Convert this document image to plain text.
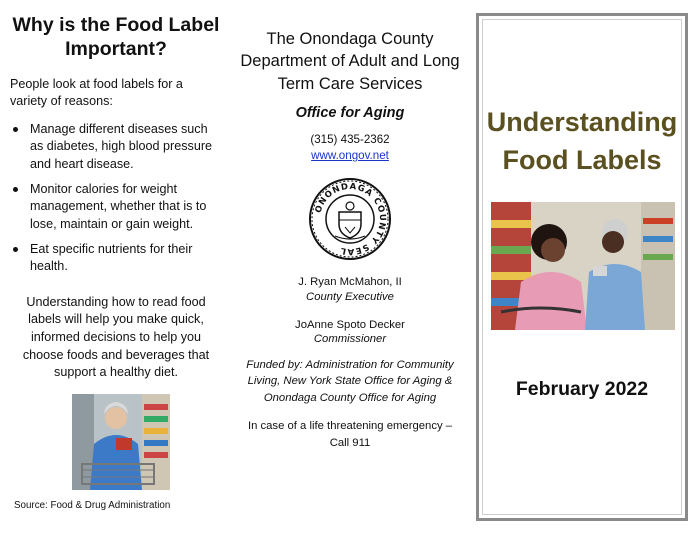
Why is the Food Label Important?

People look at food labels for a variety of reasons:

Manage different diseases such as diabetes, high blood pressure and heart disease.
Monitor calories for weight management, whether that is to lose, maintain or gain weight.
Eat specific nutrients for their health.

Understanding how to read food labels will help you make quick, informed decisions to help you choose foods and beverages that support a healthy diet.

Source: Food & Drug Administration

The Onondaga County Department of Adult and Long Term Care Services

Office for Aging

(315) 435-2362

www.ongov.net

ONONDAGA COUNTY SEAL

J. Ryan McMahon, II

County Executive

JoAnne Spoto Decker

Commissioner

Funded by: Administration for Community Living, New York State Office for Aging & Onondaga County Office for Aging

In case of a life threatening emergency – Call 911

Understanding Food Labels

February 2022
